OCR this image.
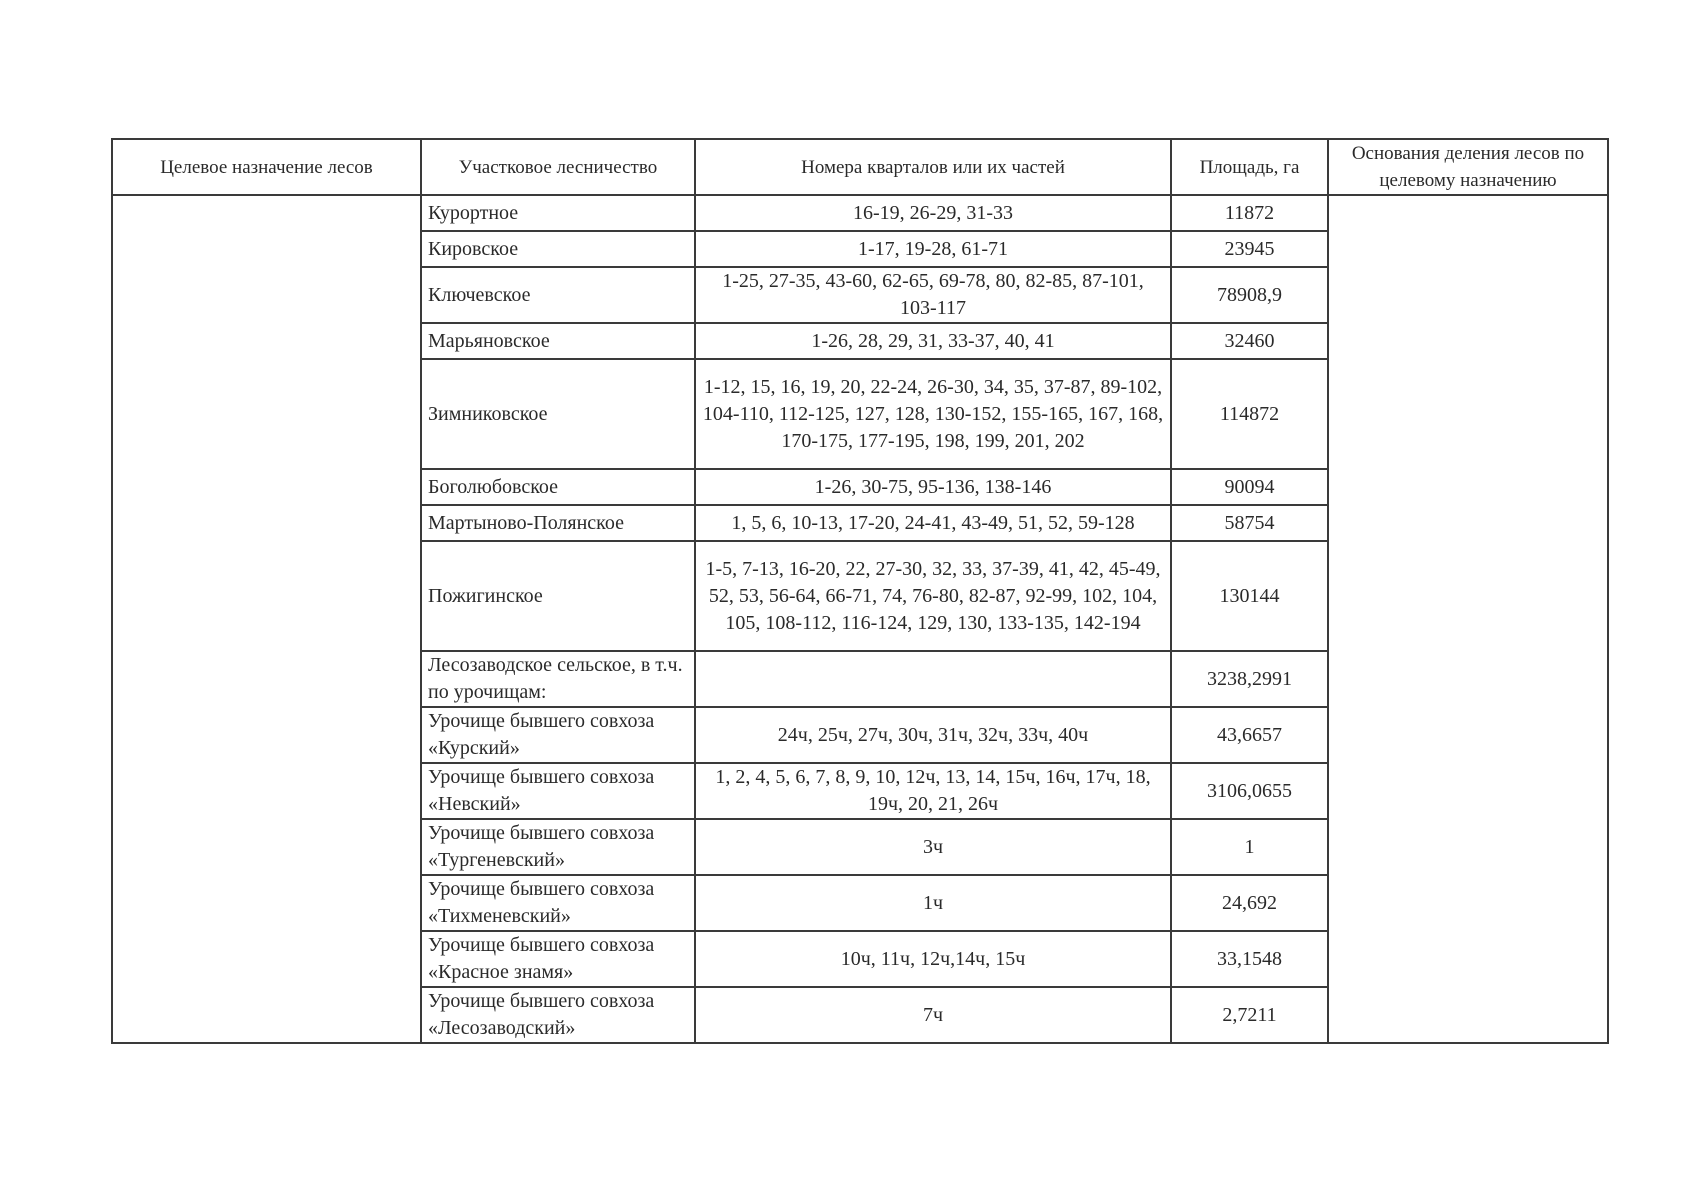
Целевое назначение лесов	Участковое лесничество	Номера кварталов или их частей	Площадь, га	Основания деления лесов по целевому назначению
	Курортное	16-19, 26-29, 31-33	11872	
	Кировское	1-17, 19-28, 61-71	23945	
	Ключевское	1-25, 27-35, 43-60, 62-65, 69-78, 80, 82-85, 87-101, 103-117	78908,9	
	Марьяновское	1-26, 28, 29, 31, 33-37, 40, 41	32460	
	Зимниковское	1-12, 15, 16, 19, 20, 22-24, 26-30, 34, 35, 37-87, 89-102, 104-110, 112-125, 127, 128, 130-152, 155-165, 167, 168, 170-175, 177-195, 198, 199, 201, 202	114872	
	Боголюбовское	1-26, 30-75, 95-136, 138-146	90094	
	Мартыново-Полянское	1, 5, 6, 10-13, 17-20, 24-41, 43-49, 51, 52, 59-128	58754	
	Пожигинское	1-5, 7-13, 16-20, 22, 27-30, 32, 33, 37-39, 41, 42, 45-49, 52, 53, 56-64, 66-71, 74, 76-80, 82-87, 92-99, 102, 104, 105, 108-112, 116-124, 129, 130, 133-135, 142-194	130144	
	Лесозаводское сельское, в т.ч. по урочищам:		3238,2991	
	Урочище бывшего совхоза «Курский»	24ч, 25ч, 27ч, 30ч, 31ч, 32ч, 33ч, 40ч	43,6657	
	Урочище бывшего совхоза «Невский»	1, 2, 4, 5, 6, 7, 8, 9, 10, 12ч, 13, 14, 15ч, 16ч, 17ч, 18, 19ч, 20, 21, 26ч	3106,0655	
	Урочище бывшего совхоза «Тургеневский»	3ч	1	
	Урочище бывшего совхоза «Тихменевский»	1ч	24,692	
	Урочище бывшего совхоза «Красное знамя»	10ч, 11ч, 12ч,14ч, 15ч	33,1548	
	Урочище бывшего совхоза «Лесозаводский»	7ч	2,7211	
